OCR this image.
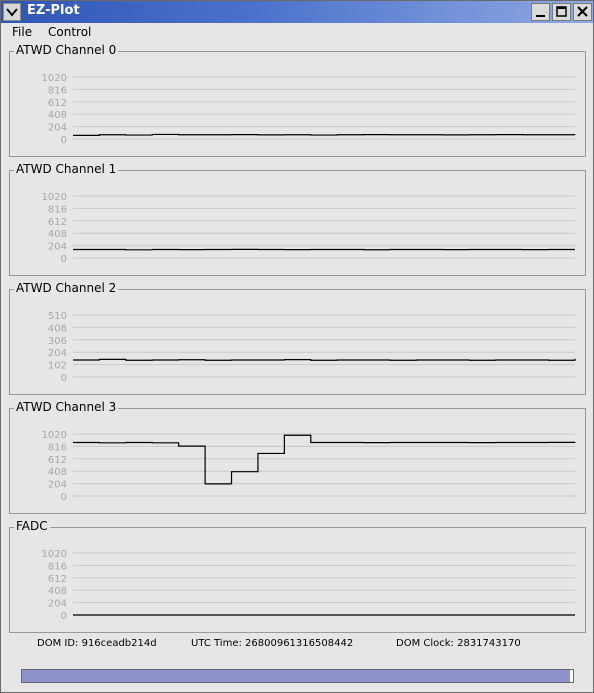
EZ-Plot
File Control
ATWD Channel 0
1020
816
612
408
204
0
ATWD Channel 1
1020
816
612
408
204
0
ATWD Channel 2
510
408
306
204
102
0
ATWD Channel 3
1020
816
612
408
204
0
FADC
1020
816
612
408
204
0
DOM ID: 916ceadb214d	UTC Time: 26800961316508442	DOM Clock: 2831743170
